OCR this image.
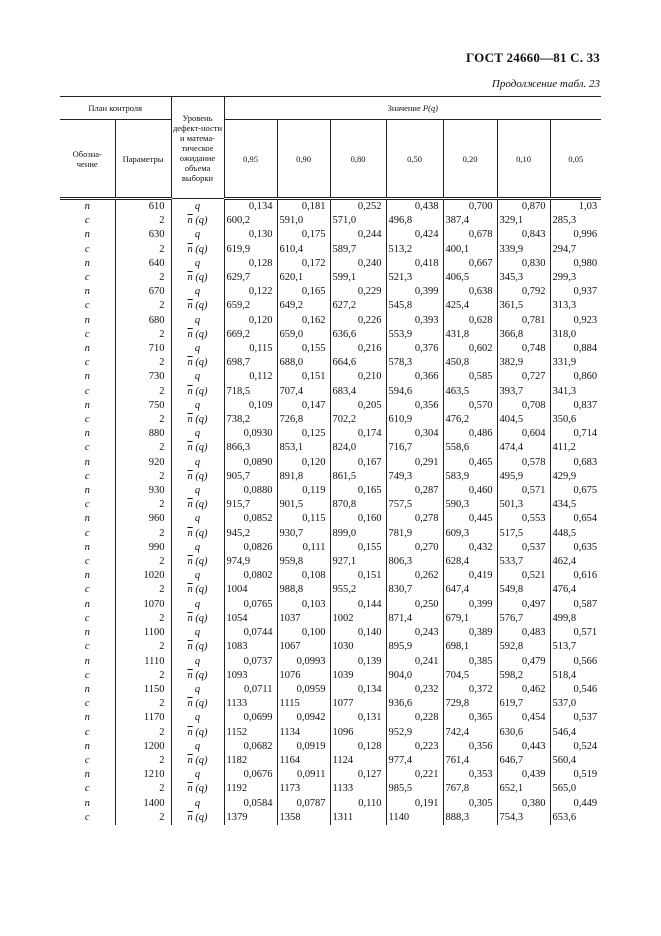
ГОСТ 24660—81 С. 33
Продолжение табл. 23
План контроля		Уровень дефект-ности и матема-тическое ожидание объема выборки	Значение P(q)						
Обозна-
чение	Параметры		0,95	0,90	0,80	0,50	0,20	0,10	0,05
n	610	q	0,134	0,181	0,252	0,438	0,700	0,870	1,03
c	2	$\overline{n}$ (q)	600,2	591,0	571,0	496,8	387,4	329,1	285,3
n	630	q	0,130	0,175	0,244	0,424	0,678	0,843	0,996
c	2	$\overline{n}$ (q)	619,9	610,4	589,7	513,2	400,1	339,9	294,7
n	640	q	0,128	0,172	0,240	0,418	0,667	0,830	0,980
c	2	$\overline{n}$ (q)	629,7	620,1	599,1	521,3	406,5	345,3	299,3
n	670	q	0,122	0,165	0,229	0,399	0,638	0,792	0,937
c	2	$\overline{n}$ (q)	659,2	649,2	627,2	545,8	425,4	361,5	313,3
n	680	q	0,120	0,162	0,226	0,393	0,628	0,781	0,923
c	2	$\overline{n}$ (q)	669,2	659,0	636,6	553,9	431,8	366,8	318,0
n	710	q	0,115	0,155	0,216	0,376	0,602	0,748	0,884
c	2	$\overline{n}$ (q)	698,7	688,0	664,6	578,3	450,8	382,9	331,9
n	730	q	0,112	0,151	0,210	0,366	0,585	0,727	0,860
c	2	$\overline{n}$ (q)	718,5	707,4	683,4	594,6	463,5	393,7	341,3
n	750	q	0,109	0,147	0,205	0,356	0,570	0,708	0,837
c	2	$\overline{n}$ (q)	738,2	726,8	702,2	610,9	476,2	404,5	350,6
n	880	q	0,0930	0,125	0,174	0,304	0,486	0,604	0,714
c	2	$\overline{n}$ (q)	866,3	853,1	824,0	716,7	558,6	474,4	411,2
n	920	q	0,0890	0,120	0,167	0,291	0,465	0,578	0,683
c	2	$\overline{n}$ (q)	905,7	891,8	861,5	749,3	583,9	495,9	429,9
n	930	q	0,0880	0,119	0,165	0,287	0,460	0,571	0,675
c	2	$\overline{n}$ (q)	915,7	901,5	870,8	757,5	590,3	501,3	434,5
n	960	q	0,0852	0,115	0,160	0,278	0,445	0,553	0,654
c	2	$\overline{n}$ (q)	945,2	930,7	899,0	781,9	609,3	517,5	448,5
n	990	q	0,0826	0,111	0,155	0,270	0,432	0,537	0,635
c	2	$\overline{n}$ (q)	974,9	959,8	927,1	806,3	628,4	533,7	462,4
n	1020	q	0,0802	0,108	0,151	0,262	0,419	0,521	0,616
c	2	$\overline{n}$ (q)	1004	988,8	955,2	830,7	647,4	549,8	476,4
n	1070	q	0,0765	0,103	0,144	0,250	0,399	0,497	0,587
c	2	$\overline{n}$ (q)	1054	1037	1002	871,4	679,1	576,7	499,8
n	1100	q	0,0744	0,100	0,140	0,243	0,389	0,483	0,571
c	2	$\overline{n}$ (q)	1083	1067	1030	895,9	698,1	592,8	513,7
n	1110	q	0,0737	0,0993	0,139	0,241	0,385	0,479	0,566
c	2	$\overline{n}$ (q)	1093	1076	1039	904,0	704,5	598,2	518,4
n	1150	q	0,0711	0,0959	0,134	0,232	0,372	0,462	0,546
c	2	$\overline{n}$ (q)	1133	1115	1077	936,6	729,8	619,7	537,0
n	1170	q	0,0699	0,0942	0,131	0,228	0,365	0,454	0,537
c	2	$\overline{n}$ (q)	1152	1134	1096	952,9	742,4	630,6	546,4
n	1200	q	0,0682	0,0919	0,128	0,223	0,356	0,443	0,524
c	2	$\overline{n}$ (q)	1182	1164	1124	977,4	761,4	646,7	560,4
n	1210	q	0,0676	0,0911	0,127	0,221	0,353	0,439	0,519
c	2	$\overline{n}$ (q)	1192	1173	1133	985,5	767,8	652,1	565,0
n	1400	q	0,0584	0,0787	0,110	0,191	0,305	0,380	0,449
c	2	$\overline{n}$ (q)	1379	1358	1311	1140	888,3	754,3	653,6
